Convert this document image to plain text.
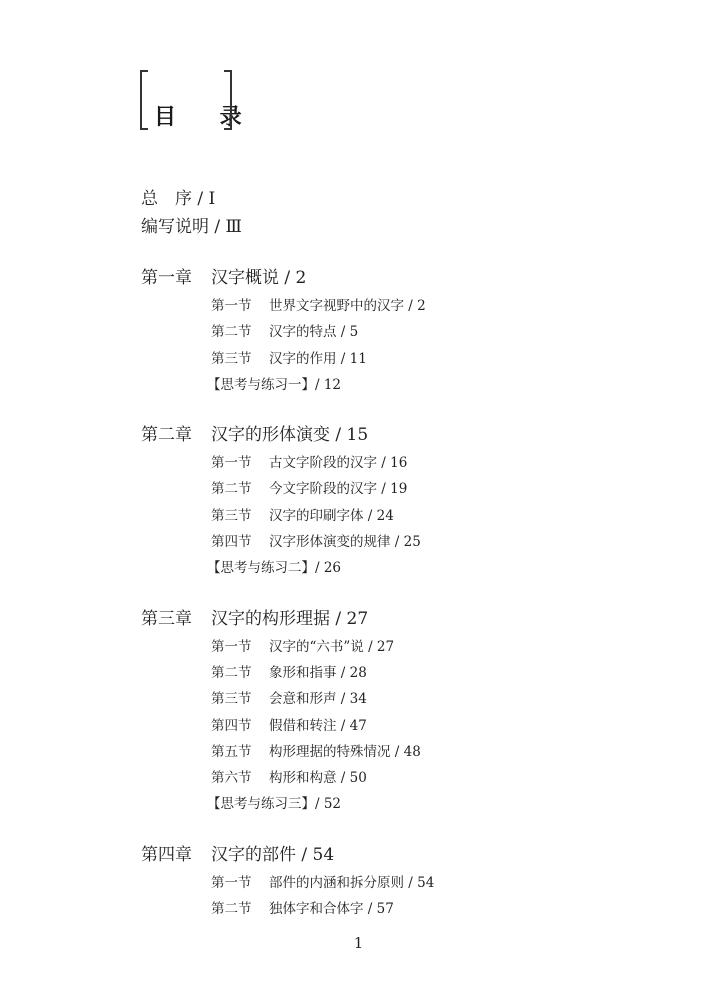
目 录
总　序 / Ⅰ
编写说明 / Ⅲ
第一章	汉字概说 / 2
第一节	世界文字视野中的汉字 / 2
第二节	汉字的特点 / 5
第三节	汉字的作用 / 11
【思考与练习一】/ 12
第二章	汉字的形体演变 / 15
第一节	古文字阶段的汉字 / 16
第二节	今文字阶段的汉字 / 19
第三节	汉字的印刷字体 / 24
第四节	汉字形体演变的规律 / 25
【思考与练习二】/ 26
第三章	汉字的构形理据 / 27
第一节	汉字的“六书”说 / 27
第二节	象形和指事 / 28
第三节	会意和形声 / 34
第四节	假借和转注 / 47
第五节	构形理据的特殊情况 / 48
第六节	构形和构意 / 50
【思考与练习三】/ 52
第四章	汉字的部件 / 54
第一节	部件的内涵和拆分原则 / 54
第二节	独体字和合体字 / 57
1
